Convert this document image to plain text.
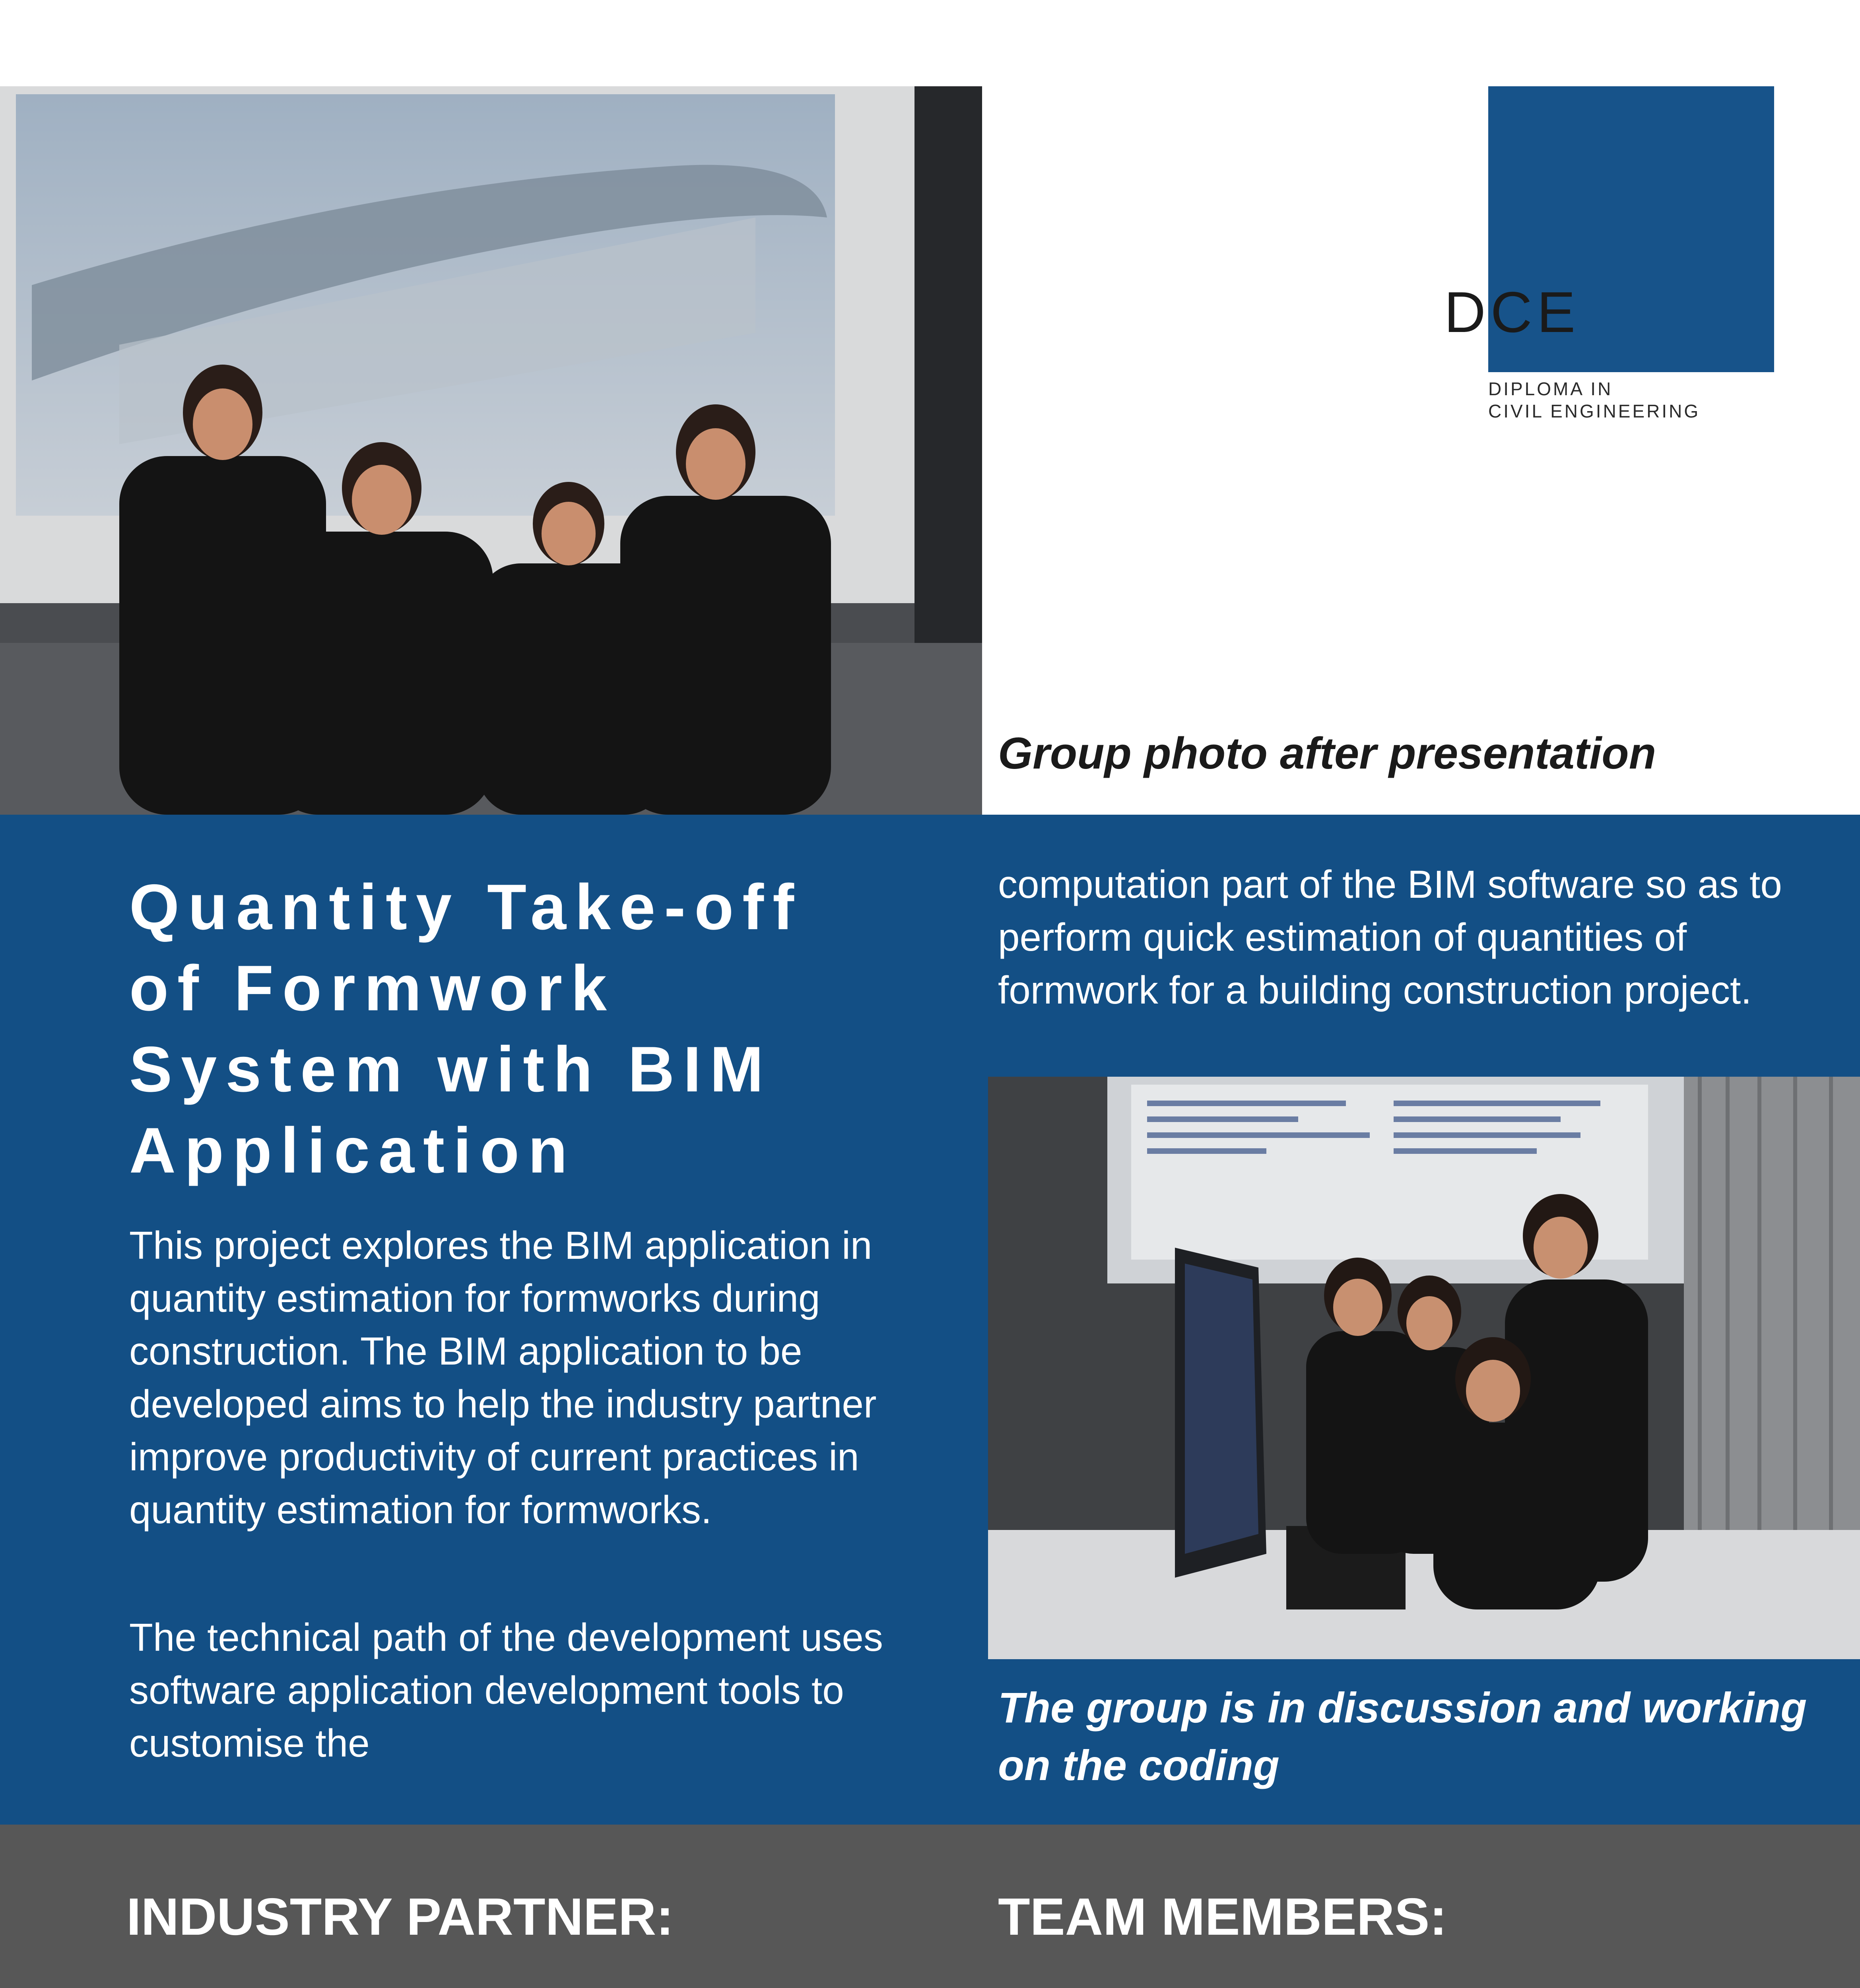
DCE
DIPLOMA IN
CIVIL ENGINEERING
Group photo after presentation
Quantity Take-off of Formwork System with BIM Application
This project explores the BIM application in quantity estimation for formworks during construction. The BIM application to be developed aims to help the industry partner improve productivity of current practices in quantity estimation for formworks.
The technical path of the development uses software application development tools to customise the
computation part of the BIM software so as to perform quick estimation of quantities of formwork for a building construction project.
The group is in discussion and working on the coding
INDUSTRY PARTNER:	TEAM MEMBERS:
